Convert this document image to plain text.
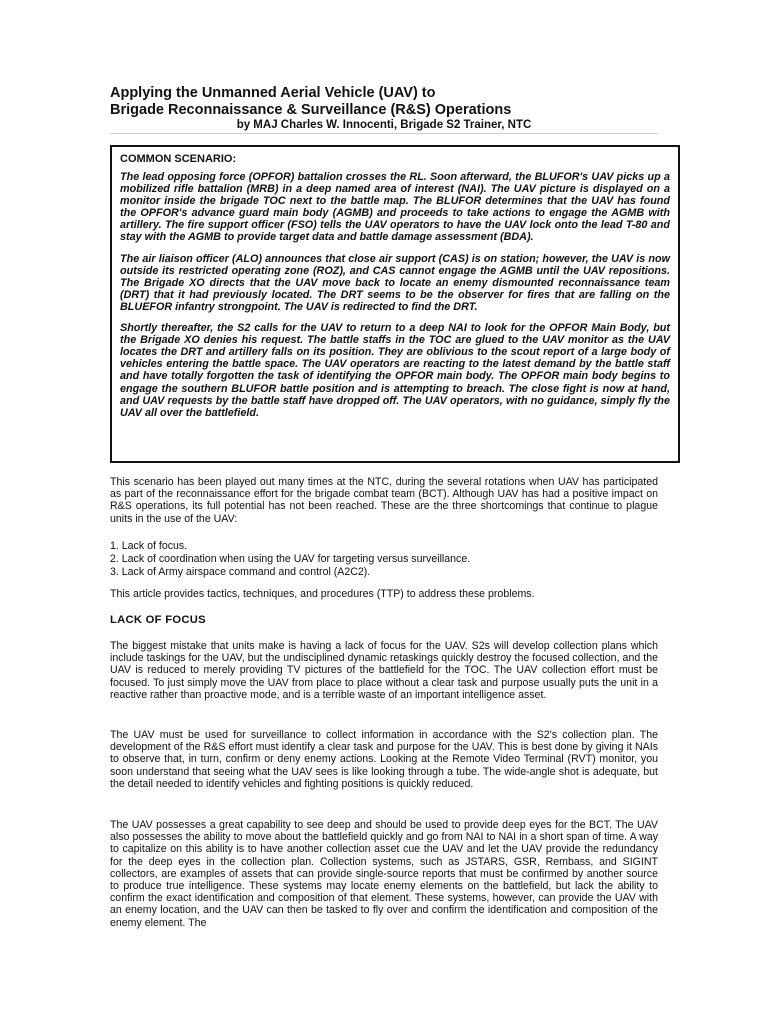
Applying the Unmanned Aerial Vehicle (UAV) to
Brigade Reconnaissance & Surveillance (R&S) Operations
by MAJ Charles W. Innocenti, Brigade S2 Trainer, NTC
COMMON SCENARIO:

The lead opposing force (OPFOR) battalion crosses the RL. Soon afterward, the BLUFOR's UAV picks up a mobilized rifle battalion (MRB) in a deep named area of interest (NAI). The UAV picture is displayed on a monitor inside the brigade TOC next to the battle map. The BLUFOR determines that the UAV has found the OPFOR's advance guard main body (AGMB) and proceeds to take actions to engage the AGMB with artillery. The fire support officer (FSO) tells the UAV operators to have the UAV lock onto the lead T-80 and stay with the AGMB to provide target data and battle damage assessment (BDA).

The air liaison officer (ALO) announces that close air support (CAS) is on station; however, the UAV is now outside its restricted operating zone (ROZ), and CAS cannot engage the AGMB until the UAV repositions. The Brigade XO directs that the UAV move back to locate an enemy dismounted reconnaissance team (DRT) that it had previously located. The DRT seems to be the observer for fires that are falling on the BLUEFOR infantry strongpoint. The UAV is redirected to find the DRT.

Shortly thereafter, the S2 calls for the UAV to return to a deep NAI to look for the OPFOR Main Body, but the Brigade XO denies his request. The battle staffs in the TOC are glued to the UAV monitor as the UAV locates the DRT and artillery falls on its position. They are oblivious to the scout report of a large body of vehicles entering the battle space. The UAV operators are reacting to the latest demand by the battle staff and have totally forgotten the task of identifying the OPFOR main body. The OPFOR main body begins to engage the southern BLUFOR battle position and is attempting to breach. The close fight is now at hand, and UAV requests by the battle staff have dropped off. The UAV operators, with no guidance, simply fly the UAV all over the battlefield.

This scenario has been played out many times at the NTC, during the several rotations when UAV has participated as part of the reconnaissance effort for the brigade combat team (BCT). Although UAV has had a positive impact on R&S operations, its full potential has not been reached. These are the three shortcomings that continue to plague units in the use of the UAV:
1. Lack of focus.
2. Lack of coordination when using the UAV for targeting versus surveillance.
3. Lack of Army airspace command and control (A2C2).
This article provides tactics, techniques, and procedures (TTP) to address these problems.
LACK OF FOCUS
The biggest mistake that units make is having a lack of focus for the UAV. S2s will develop collection plans which include taskings for the UAV, but the undisciplined dynamic retaskings quickly destroy the focused collection, and the UAV is reduced to merely providing TV pictures of the battlefield for the TOC. The UAV collection effort must be focused. To just simply move the UAV from place to place without a clear task and purpose usually puts the unit in a reactive rather than proactive mode, and is a terrible waste of an important intelligence asset.
The UAV must be used for surveillance to collect information in accordance with the S2's collection plan. The development of the R&S effort must identify a clear task and purpose for the UAV. This is best done by giving it NAIs to observe that, in turn, confirm or deny enemy actions. Looking at the Remote Video Terminal (RVT) monitor, you soon understand that seeing what the UAV sees is like looking through a tube. The wide-angle shot is adequate, but the detail needed to identify vehicles and fighting positions is quickly reduced.
The UAV possesses a great capability to see deep and should be used to provide deep eyes for the BCT. The UAV also possesses the ability to move about the battlefield quickly and go from NAI to NAI in a short span of time. A way to capitalize on this ability is to have another collection asset cue the UAV and let the UAV provide the redundancy for the deep eyes in the collection plan. Collection systems, such as JSTARS, GSR, Rembass, and SIGINT collectors, are examples of assets that can provide single-source reports that must be confirmed by another source to produce true intelligence. These systems may locate enemy elements on the battlefield, but lack the ability to confirm the exact identification and composition of that element. These systems, however, can provide the UAV with an enemy location, and the UAV can then be tasked to fly over and confirm the identification and composition of the enemy element. The
